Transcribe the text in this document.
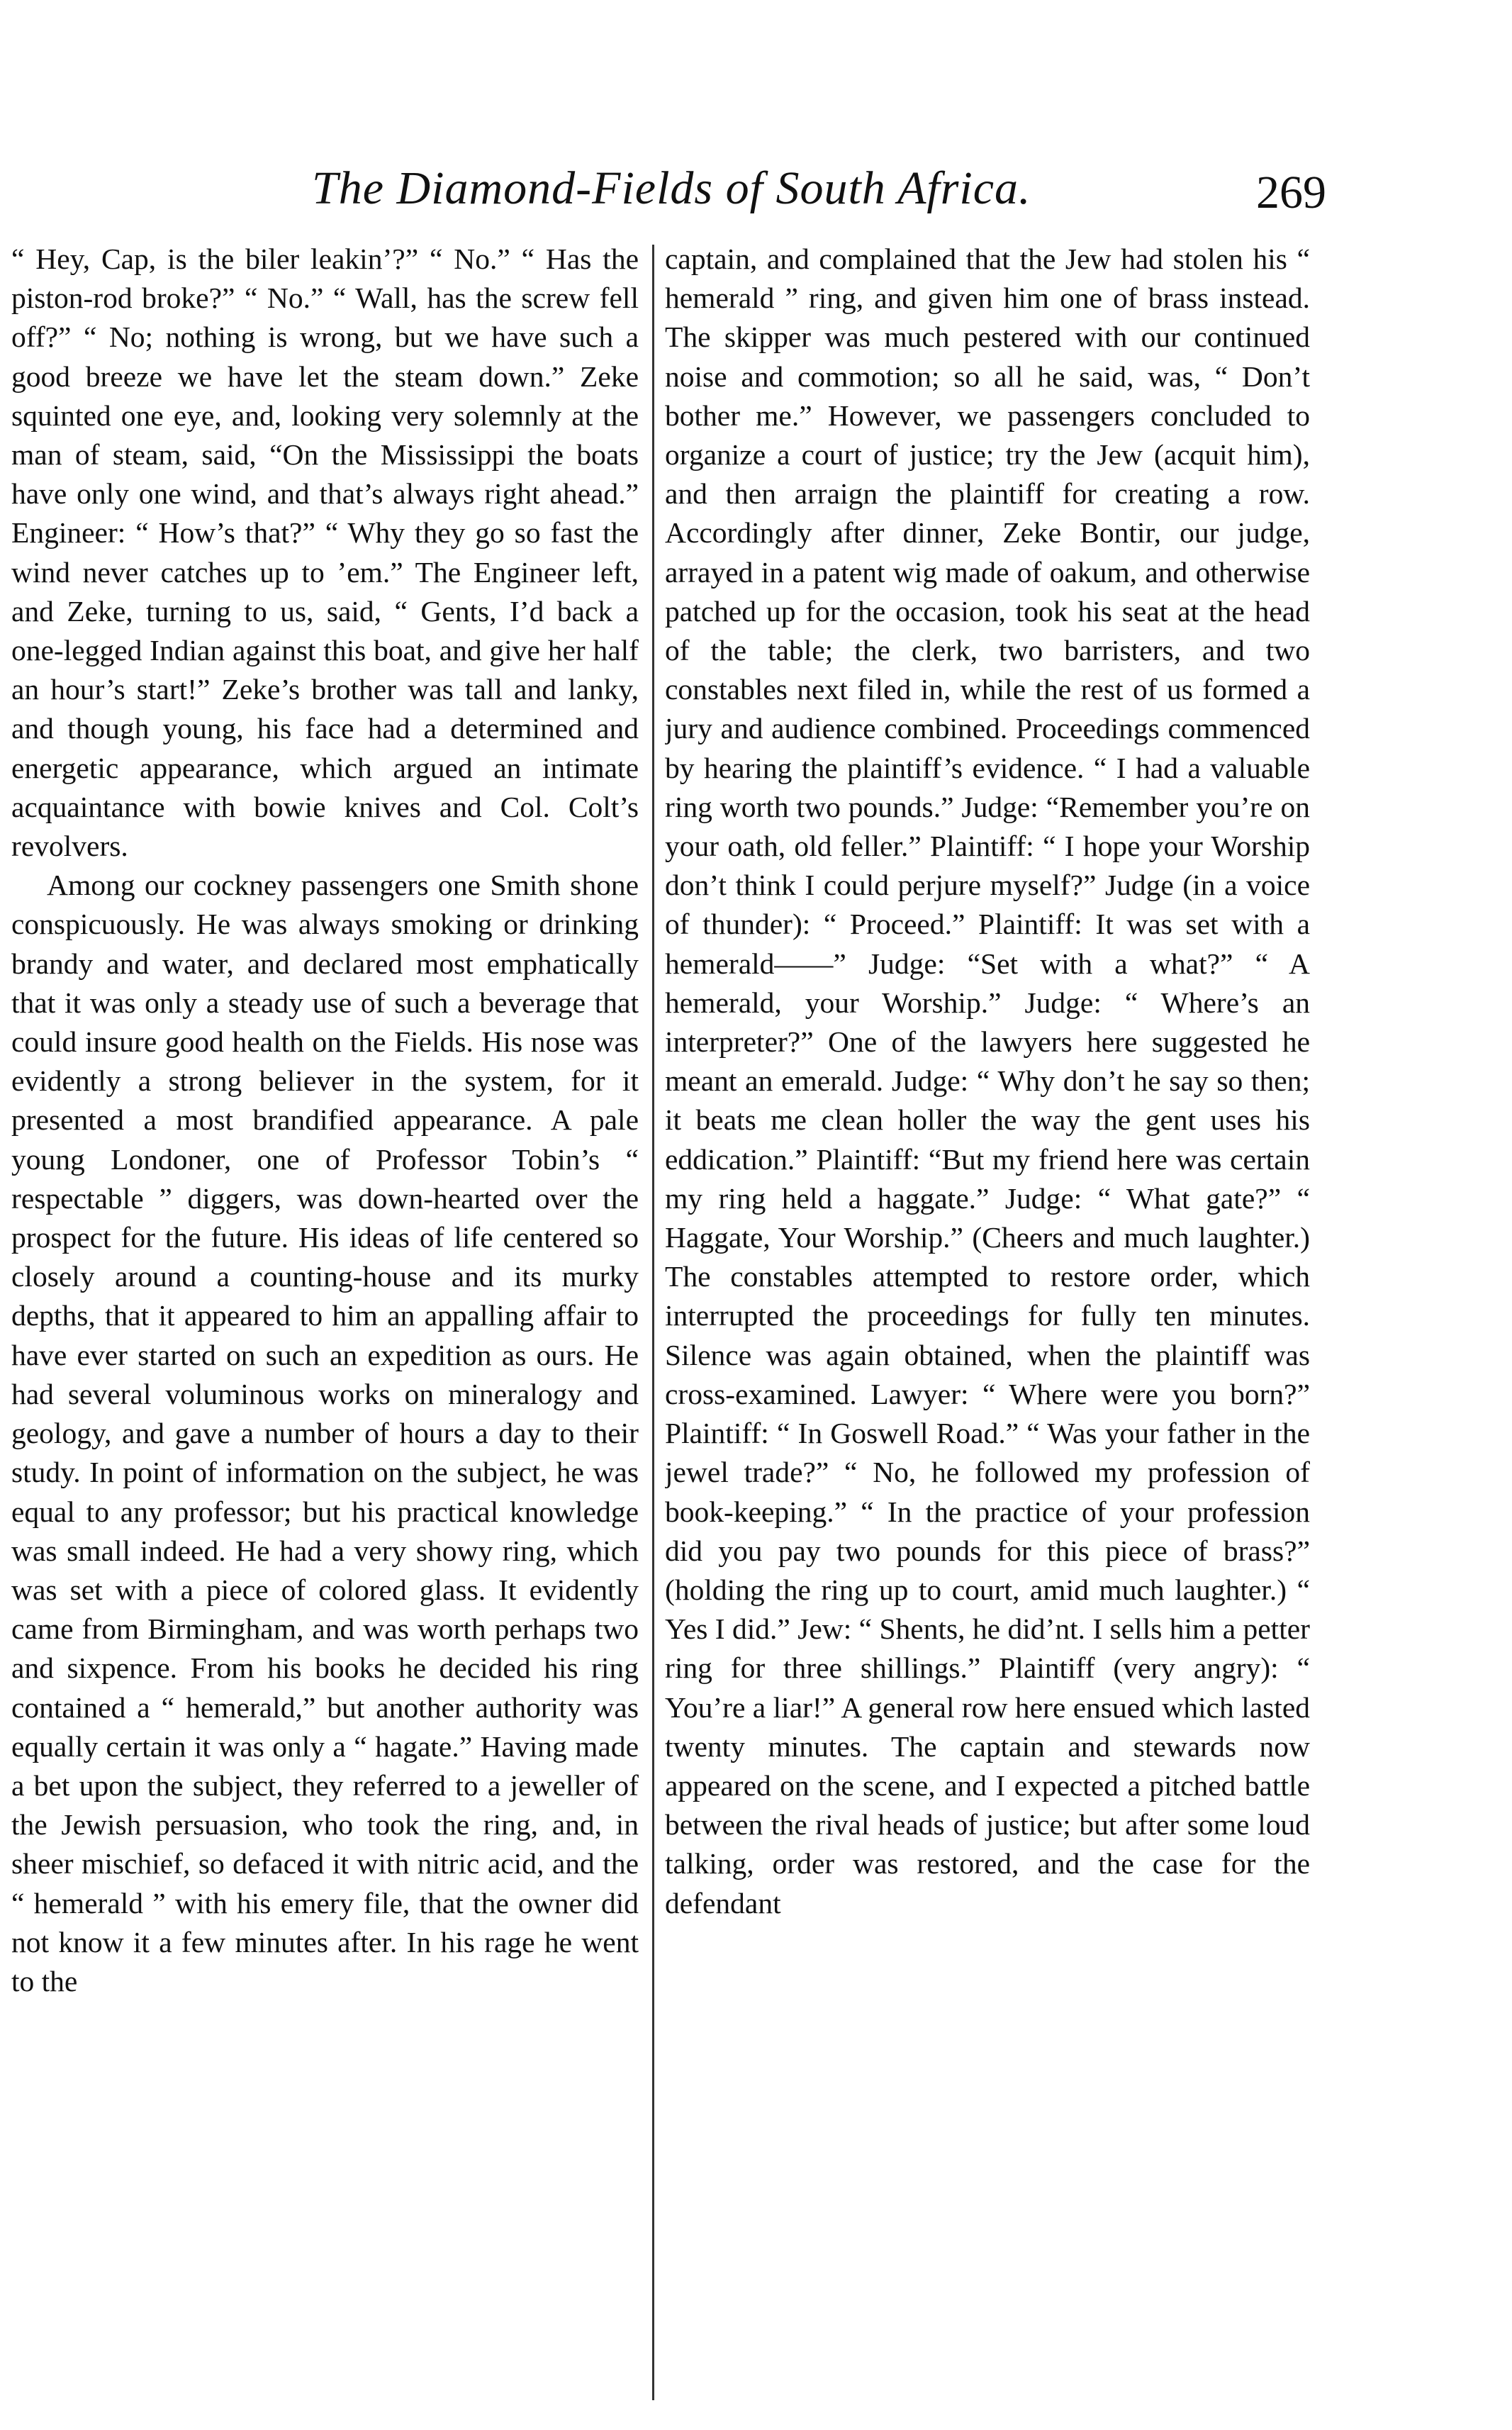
The Diamond-Fields of South Africa.	269

“ Hey, Cap, is the biler leakin’?” “ No.” “ Has the piston-rod broke?” “ No.” “ Wall, has the screw fell off?” “ No; nothing is wrong, but we have such a good breeze we have let the steam down.” Zeke squinted one eye, and, looking very solemnly at the man of steam, said, “On the Mississippi the boats have only one wind, and that’s always right ahead.” Engineer: “ How’s that?” “ Why they go so fast the wind never catches up to ’em.” The Engineer left, and Zeke, turning to us, said, “ Gents, I’d back a one-legged Indian against this boat, and give her half an hour’s start!” Zeke’s brother was tall and lanky, and though young, his face had a determined and energetic appearance, which argued an intimate acquaintance with bowie knives and Col. Colt’s revolvers.

Among our cockney passengers one Smith shone conspicuously. He was always smoking or drinking brandy and water, and declared most emphatically that it was only a steady use of such a beverage that could insure good health on the Fields. His nose was evidently a strong believer in the system, for it presented a most brandified appearance. A pale young Londoner, one of Professor Tobin’s “ respectable ” diggers, was down-hearted over the prospect for the future. His ideas of life centered so closely around a counting-house and its murky depths, that it appeared to him an appalling affair to have ever started on such an expedition as ours. He had several voluminous works on mineralogy and geology, and gave a number of hours a day to their study. In point of information on the subject, he was equal to any professor; but his practical knowledge was small indeed. He had a very showy ring, which was set with a piece of colored glass. It evidently came from Birmingham, and was worth perhaps two and sixpence. From his books he decided his ring contained a “ hemerald,” but another authority was equally certain it was only a “ hagate.” Having made a bet upon the subject, they referred to a jeweller of the Jewish persuasion, who took the ring, and, in sheer mischief, so defaced it with nitric acid, and the “ hemerald ” with his emery file, that the owner did not know it a few minutes after. In his rage he went to the

captain, and complained that the Jew had stolen his “ hemerald ” ring, and given him one of brass instead. The skipper was much pestered with our continued noise and commotion; so all he said, was, “ Don’t bother me.” However, we passengers concluded to organize a court of justice; try the Jew (acquit him), and then arraign the plaintiff for creating a row. Accordingly after dinner, Zeke Bontir, our judge, arrayed in a patent wig made of oakum, and otherwise patched up for the occasion, took his seat at the head of the table; the clerk, two barristers, and two constables next filed in, while the rest of us formed a jury and audience combined. Proceedings commenced by hearing the plaintiff’s evidence. “ I had a valuable ring worth two pounds.” Judge: “Remember you’re on your oath, old feller.” Plaintiff: “ I hope your Worship don’t think I could perjure myself?” Judge (in a voice of thunder): “ Proceed.” Plaintiff: It was set with a hemerald——” Judge: “Set with a what?” “ A hemerald, your Worship.” Judge: “ Where’s an interpreter?” One of the lawyers here suggested he meant an emerald. Judge: “ Why don’t he say so then; it beats me clean holler the way the gent uses his eddication.” Plaintiff: “But my friend here was certain my ring held a haggate.” Judge: “ What gate?” “ Haggate, Your Worship.” (Cheers and much laughter.) The constables attempted to restore order, which interrupted the proceedings for fully ten minutes. Silence was again obtained, when the plaintiff was cross-examined. Lawyer: “ Where were you born?” Plaintiff: “ In Goswell Road.” “ Was your father in the jewel trade?” “ No, he followed my profession of book-keeping.” “ In the practice of your profession did you pay two pounds for this piece of brass?” (holding the ring up to court, amid much laughter.) “ Yes I did.” Jew: “ Shents, he did’nt. I sells him a petter ring for three shillings.” Plaintiff (very angry): “ You’re a liar!” A general row here ensued which lasted twenty minutes. The captain and stewards now appeared on the scene, and I expected a pitched battle between the rival heads of justice; but after some loud talking, order was restored, and the case for the defendant
